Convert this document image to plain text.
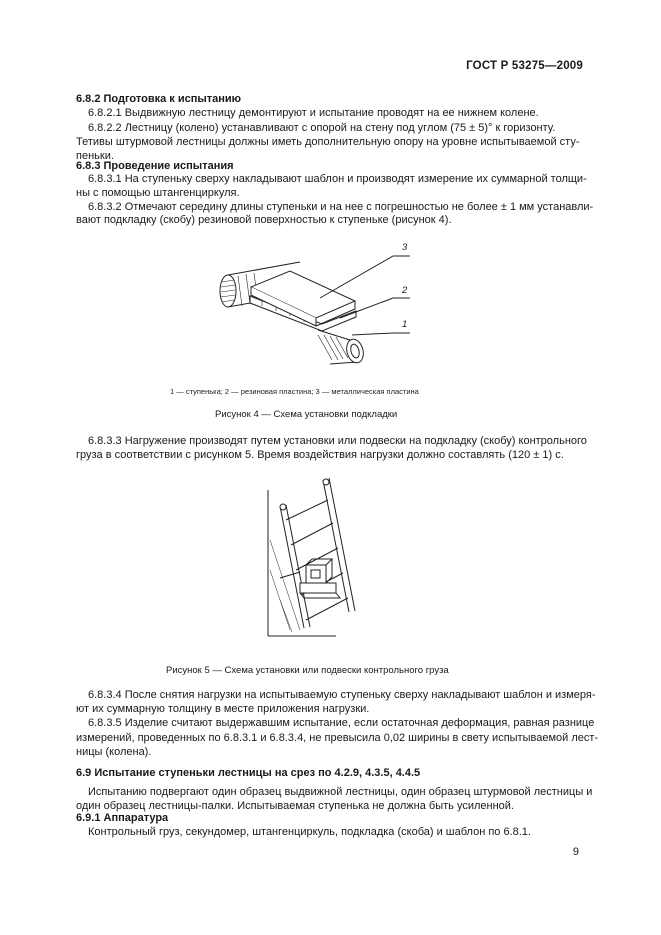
ГОСТ Р 53275—2009
6.8.2 Подготовка к испытанию
6.8.2.1 Выдвижную лестницу демонтируют и испытание проводят на ее нижнем колене.
6.8.2.2 Лестницу (колено) устанавливают с опорой на стену под углом (75 ± 5)° к горизонту.
Тетивы штурмовой лестницы должны иметь дополнительную опору на уровне испытываемой сту-
пеньки.
6.8.3 Проведение испытания
6.8.3.1 На ступеньку сверху накладывают шаблон и производят измерение их суммарной толщи-
ны с помощью штангенциркуля.
6.8.3.2 Отмечают середину длины ступеньки и на нее с погрешностью не более ± 1 мм устанавли-
вают подкладку (скобу) резиновой поверхностью к ступеньке (рисунок 4).
3
2
1
1 — ступенька; 2 — резиновая пластина; 3 — металлическая пластина
Рисунок 4 — Схема установки подкладки
6.8.3.3 Нагружение производят путем установки или подвески на подкладку (скобу) контрольного
груза в соответствии с рисунком 5. Время воздействия нагрузки должно составлять (120 ± 1) с.
Рисунок 5 — Схема установки или подвески контрольного груза
6.8.3.4 После снятия нагрузки на испытываемую ступеньку сверху накладывают шаблон и измеря-
ют их суммарную толщину в месте приложения нагрузки.
6.8.3.5 Изделие считают выдержавшим испытание, если остаточная деформация, равная разнице
измерений, проведенных по 6.8.3.1 и 6.8.3.4, не превысила 0,02 ширины в свету испытываемой лест-
ницы (колена).
6.9 Испытание ступеньки лестницы на срез по 4.2.9, 4.3.5, 4.4.5
Испытанию подвергают один образец выдвижной лестницы, один образец штурмовой лестницы и
один образец лестницы-палки. Испытываемая ступенька не должна быть усиленной.
6.9.1 Аппаратура
Контрольный груз, секундомер, штангенциркуль, подкладка (скоба) и шаблон по 6.8.1.
9
